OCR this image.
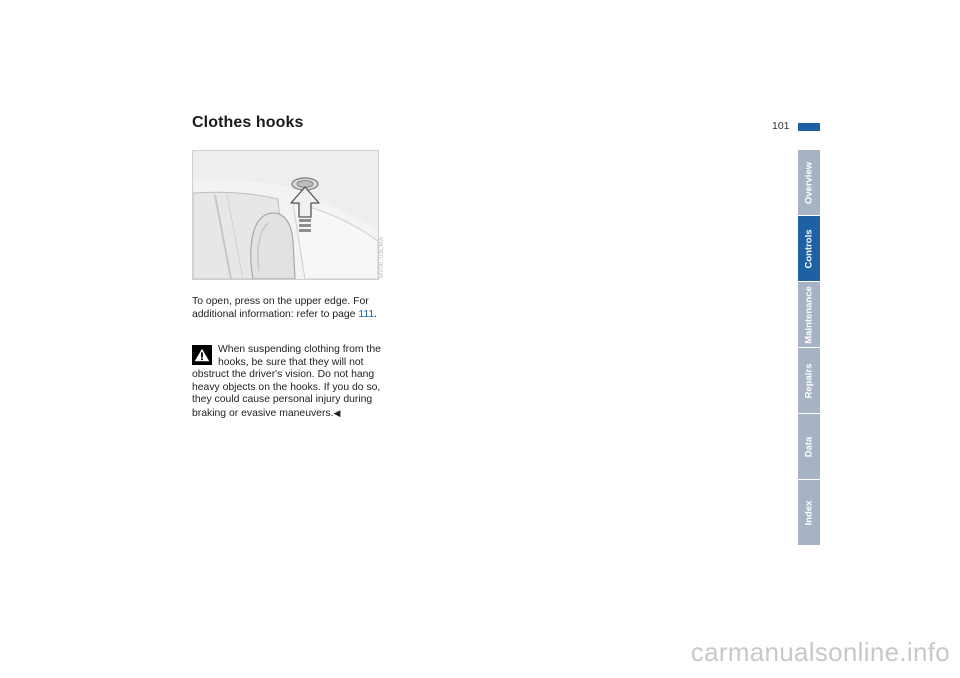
Clothes hooks	101
MV00703CMA

To open, press on the upper edge. For additional information: refer to page 111.

When suspending clothing from the hooks, be sure that they will not obstruct the driver's vision. Do not hang heavy objects on the hooks. If you do so, they could cause personal injury during braking or evasive maneuvers.◀

Overview
Controls
Maintenance
Repairs
Data
Index
carmanualsonline.info
